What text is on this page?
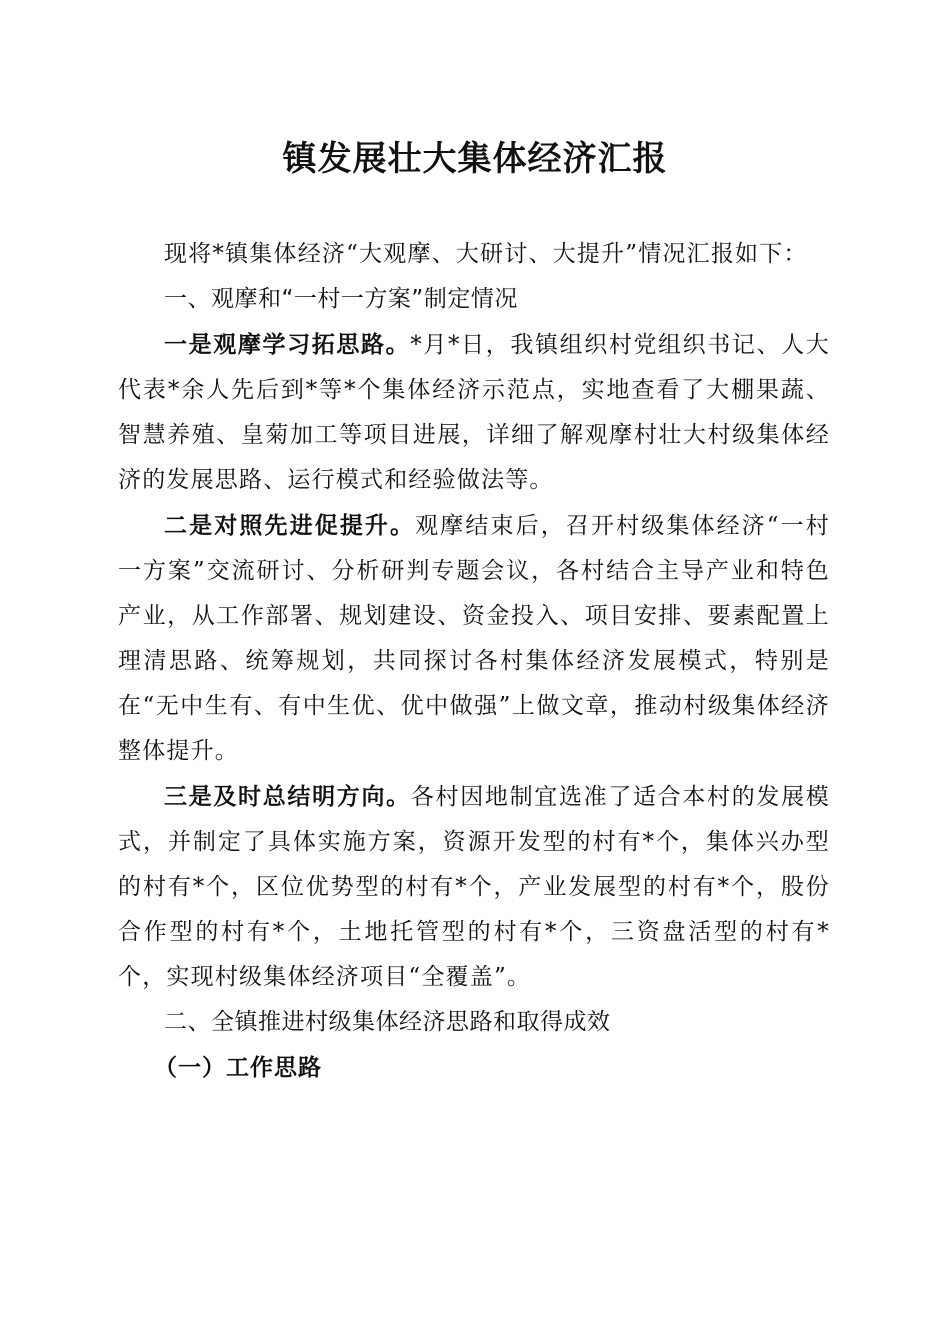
镇发展壮大集体经济汇报

现将*镇集体经济“大观摩、大研讨、大提升”情况汇报如下：

一、观摩和“一村一方案”制定情况

一是观摩学习拓思路。*月*日，我镇组织村党组织书记、人大代表*余人先后到*等*个集体经济示范点，实地查看了大棚果蔬、智慧养殖、皇菊加工等项目进展，详细了解观摩村壮大村级集体经济的发展思路、运行模式和经验做法等。

二是对照先进促提升。观摩结束后，召开村级集体经济“一村一方案”交流研讨、分析研判专题会议，各村结合主导产业和特色产业，从工作部署、规划建设、资金投入、项目安排、要素配置上理清思路、统筹规划，共同探讨各村集体经济发展模式，特别是在“无中生有、有中生优、优中做强”上做文章，推动村级集体经济整体提升。

三是及时总结明方向。各村因地制宜选准了适合本村的发展模式，并制定了具体实施方案，资源开发型的村有*个，集体兴办型的村有*个，区位优势型的村有*个，产业发展型的村有*个，股份合作型的村有*个，土地托管型的村有*个，三资盘活型的村有*个，实现村级集体经济项目“全覆盖”。

二、全镇推进村级集体经济思路和取得成效

（一）工作思路
